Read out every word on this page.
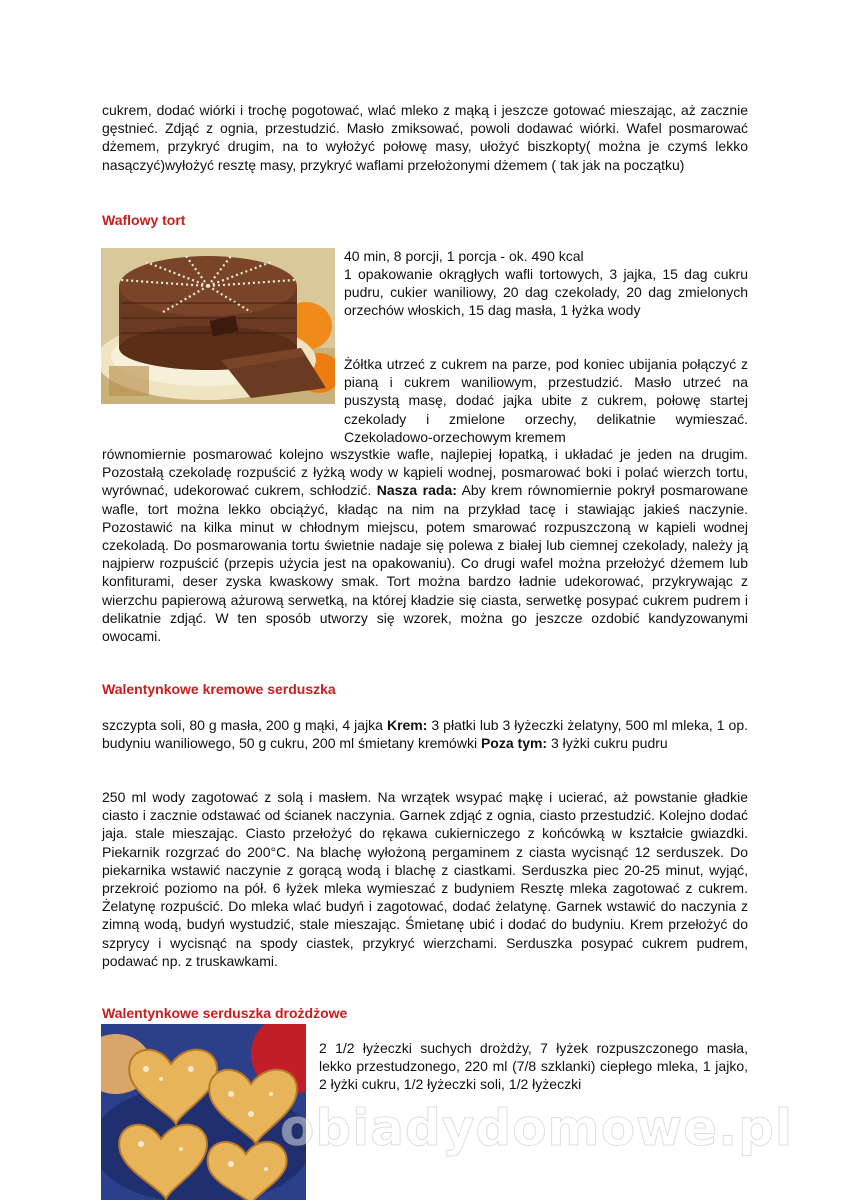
cukrem, dodać wiórki i trochę pogotować, wlać mleko z mąką i jeszcze gotować mieszając, aż zacznie gęstnieć. Zdjąć z ognia, przestudzić. Masło zmiksować, powoli dodawać wiórki. Wafel posmarować dżemem, przykryć drugim, na to wyłożyć połowę masy, ułożyć biszkopty( można je czymś lekko nasączyć)wyłożyć resztę masy, przykryć waflami przełożonymi dżemem ( tak jak na początku)

Waflowy tort

40 min, 8 porcji, 1 porcja - ok. 490 kcal

1 opakowanie okrągłych wafli tortowych, 3 jajka, 15 dag cukru pudru, cukier waniliowy, 20 dag czekolady, 20 dag zmielonych orzechów włoskich, 15 dag masła, 1 łyżka wody

Żółtka utrzeć z cukrem na parze, pod koniec ubijania połączyć z pianą i cukrem waniliowym, przestudzić. Masło utrzeć na puszystą masę, dodać jajka ubite z cukrem, połowę startej czekolady i zmielone orzechy, delikatnie wymieszać. Czekoladowo-orzechowym kremem

równomiernie posmarować kolejno wszystkie wafle, najlepiej łopatką, i układać je jeden na drugim. Pozostałą czekoladę rozpuścić z łyżką wody w kąpieli wodnej, posmarować boki i polać wierzch tortu, wyrównać, udekorować cukrem, schłodzić. Nasza rada: Aby krem równomiernie pokrył posmarowane wafle, tort można lekko obciążyć, kładąc na nim na przykład tacę i stawiając jakieś naczynie. Pozostawić na kilka minut w chłodnym miejscu, potem smarować rozpuszczoną w kąpieli wodnej czekoladą. Do posmarowania tortu świetnie nadaje się polewa z białej lub ciemnej czekolady, należy ją najpierw rozpuścić (przepis użycia jest na opakowaniu). Co drugi wafel można przełożyć dżemem lub konfiturami, deser zyska kwaskowy smak. Tort można bardzo ładnie udekorować, przykrywając z wierzchu papierową ażurową serwetką, na której kładzie się ciasta, serwetkę posypać cukrem pudrem i delikatnie zdjąć. W ten sposób utworzy się wzorek, można go jeszcze ozdobić kandyzowanymi owocami.

Walentynkowe kremowe serduszka

szczypta soli, 80 g masła, 200 g mąki, 4 jajka Krem: 3 płatki lub 3 łyżeczki żelatyny, 500 ml mleka, 1 op. budyniu waniliowego, 50 g cukru, 200 ml śmietany kremówki Poza tym: 3 łyżki cukru pudru

250 ml wody zagotować z solą i masłem. Na wrzątek wsypać mąkę i ucierać, aż powstanie gładkie ciasto i zacznie odstawać od ścianek naczynia. Garnek zdjąć z ognia, ciasto przestudzić. Kolejno dodać jaja. stale mieszając. Ciasto przełożyć do rękawa cukierniczego z końcówką w kształcie gwiazdki. Piekarnik rozgrzać do 200°C. Na blachę wyłożoną pergaminem z ciasta wycisnąć 12 serduszek. Do piekarnika wstawić naczynie z gorącą wodą i blachę z ciastkami. Serduszka piec 20-25 minut, wyjąć, przekroić poziomo na pół. 6 łyżek mleka wymieszać z budyniem Resztę mleka zagotować z cukrem. Żelatynę rozpuścić. Do mleka wlać budyń i zagotować, dodać żelatynę. Garnek wstawić do naczynia z zimną wodą, budyń wystudzić, stale mieszając. Śmietanę ubić i dodać do budyniu. Krem przełożyć do szprycy i wycisnąć na spody ciastek, przykryć wierzchami. Serduszka posypać cukrem pudrem, podawać np. z truskawkami.

Walentynkowe serduszka drożdżowe

2 1/2 łyżeczki suchych drożdży, 7 łyżek rozpuszczonego masła, lekko przestudzonego, 220 ml (7/8 szklanki) ciepłego mleka, 1 jajko, 2 łyżki cukru, 1/2 łyżeczki soli, 1/2 łyżeczki

obiadydomowe.pl
